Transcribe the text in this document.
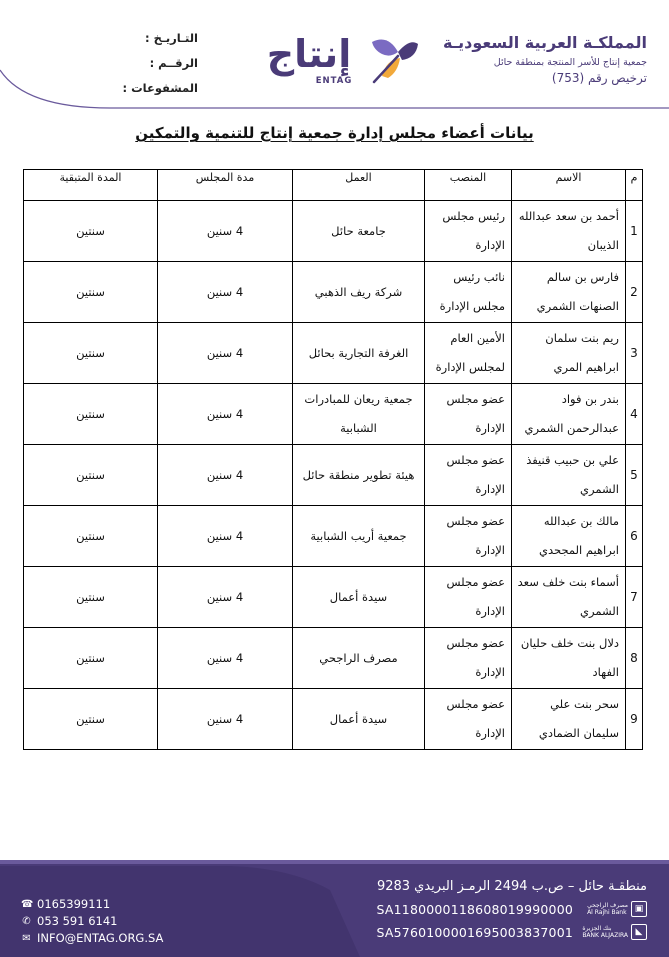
المملكـة العربية السعوديـة
جمعية إنتاج للأسر المنتجة بمنطقة حائل
ترخيص رقم (753)
إنتاج
ENTAG
التـاريـخ :
الرقــم :
المشفوعات :
بيانات أعضاء مجلس إدارة جمعية إنتاج للتنمية والتمكين
م	الاسم	المنصب	العمل	مدة المجلس	المدة المتبقية
1	أحمد بن سعد عبدالله الذيبان	رئيس مجلس الإدارة	جامعة حائل	4 سنين	سنتين
2	فارس بن سالم الصنهات الشمري	نائب رئيس مجلس الإدارة	شركة ريف الذهبي	4 سنين	سنتين
3	ريم بنت سلمان ابراهيم المري	الأمين العام لمجلس الإدارة	الغرفة التجارية بحائل	4 سنين	سنتين
4	بندر بن فواد عبدالرحمن الشمري	عضو مجلس الإدارة	جمعية ريعان للمبادرات الشبابية	4 سنين	سنتين
5	علي بن حبيب قنيفذ الشمري	عضو مجلس الإدارة	هيئة تطوير منطقة حائل	4 سنين	سنتين
6	مالك بن عبدالله ابراهيم المجحدي	عضو مجلس الإدارة	جمعية أريب الشبابية	4 سنين	سنتين
7	أسماء بنت خلف سعد الشمري	عضو مجلس الإدارة	سيدة أعمال	4 سنين	سنتين
8	دلال بنت خلف حليان الفهاد	عضو مجلس الإدارة	مصرف الراجحي	4 سنين	سنتين
9	سحر بنت علي سليمان الضمادي	عضو مجلس الإدارة	سيدة أعمال	4 سنين	سنتين
منطقـة حائل – ص.ب 2494 الرمـز البريدي 9283
مصرف الراجحي
Al Rajhi Bank ▣
SA1180000118608019990000
بنك الجزيرة
BANK ALJAZIRA ◣
SA5760100001695003837001
☎ 0165399111
✆ 053 591 6141
✉ INFO@ENTAG.ORG.SA
